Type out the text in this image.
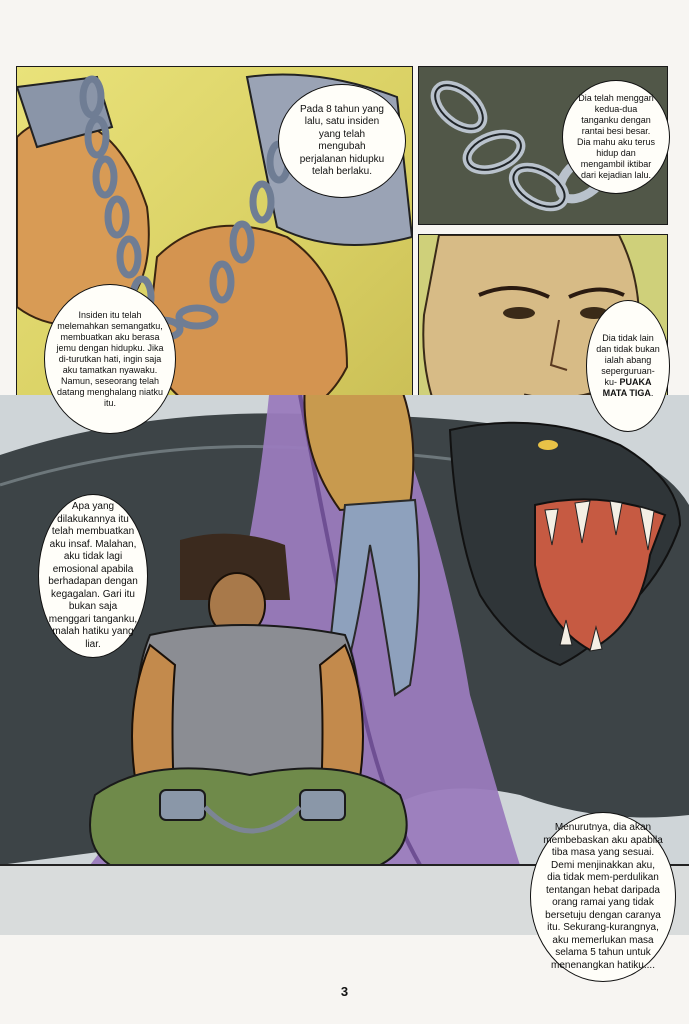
Pada 8 tahun yang lalu, satu insiden yang telah mengubah perjalanan hidupku telah berlaku.
Dia telah menggari kedua-dua tanganku dengan rantai besi besar. Dia mahu aku terus hidup dan mengambil iktibar dari kejadian lalu.
Dia tidak lain dan tidak bukan ialah abang seperguruan-ku- PUAKA MATA TIGA.
Insiden itu telah melemahkan semangatku, membuatkan aku berasa jemu dengan hidupku. Jika di-turutkan hati, ingin saja aku tamatkan nyawaku. Namun, seseorang telah datang menghalang niatku itu.
Apa yang dilakukannya itu telah membuatkan aku insaf. Malahan, aku tidak lagi emosional apabila berhadapan dengan kegagalan. Gari itu bukan saja menggari tanganku, malah hatiku yang liar.
Menurutnya, dia akan membebaskan aku apabila tiba masa yang sesuai. Demi menjinakkan aku, dia tidak mem-perdulikan tentangan hebat daripada orang ramai yang tidak bersetuju dengan caranya itu. Sekurang-kurangnya, aku memerlukan masa selama 5 tahun untuk menenangkan hatiku....
3
